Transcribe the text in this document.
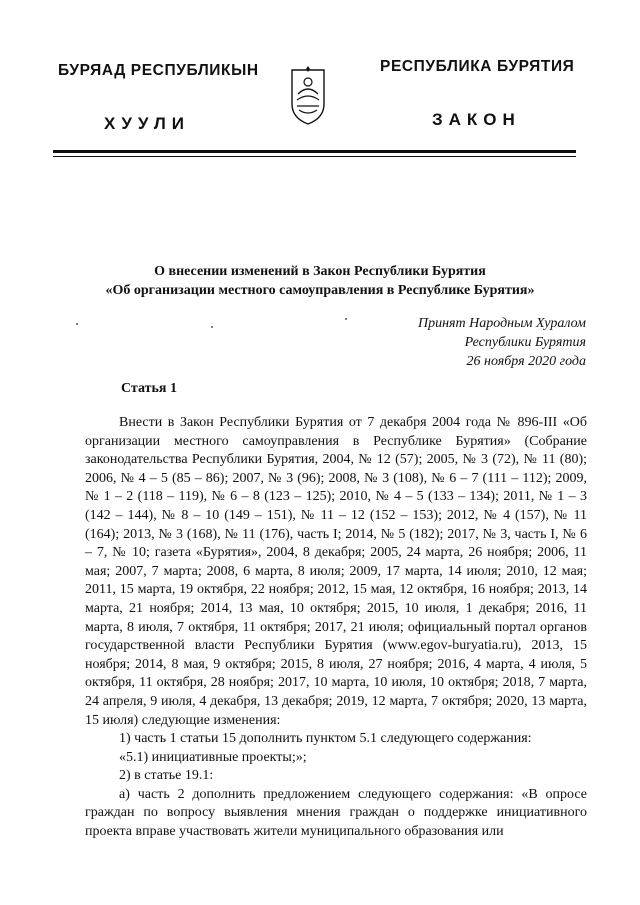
БУРЯАД РЕСПУБЛИКЫН
ХУУЛИ
РЕСПУБЛИКА БУРЯТИЯ
ЗАКОН
О внесении изменений в Закон Республики Бурятия
«Об организации местного самоуправления в Республике Бурятия»
Принят Народным Хуралом
Республики Бурятия
26 ноября 2020 года
Статья 1

Внести в Закон Республики Бурятия от 7 декабря 2004 года № 896-III «Об организации местного самоуправления в Республике Бурятия» (Собрание законодательства Республики Бурятия, 2004, № 12 (57); 2005, № 3 (72), № 11 (80); 2006, № 4 – 5 (85 – 86); 2007, № 3 (96); 2008, № 3 (108), № 6 – 7 (111 – 112); 2009, № 1 – 2 (118 – 119), № 6 – 8 (123 – 125); 2010, № 4 – 5 (133 – 134); 2011, № 1 – 3 (142 – 144), № 8 – 10 (149 – 151), № 11 – 12 (152 – 153); 2012, № 4 (157), № 11 (164); 2013, № 3 (168), № 11 (176), часть I; 2014, № 5 (182); 2017, № 3, часть I, № 6 – 7, № 10; газета «Бурятия», 2004, 8 декабря; 2005, 24 марта, 26 ноября; 2006, 11 мая; 2007, 7 марта; 2008, 6 марта, 8 июля; 2009, 17 марта, 14 июля; 2010, 12 мая; 2011, 15 марта, 19 октября, 22 ноября; 2012, 15 мая, 12 октября, 16 ноября; 2013, 14 марта, 21 ноября; 2014, 13 мая, 10 октября; 2015, 10 июля, 1 декабря; 2016, 11 марта, 8 июля, 7 октября, 11 октября; 2017, 21 июля; официальный портал органов государственной власти Республики Бурятия (www.egov-buryatia.ru), 2013, 15 ноября; 2014, 8 мая, 9 октября; 2015, 8 июля, 27 ноября; 2016, 4 марта, 4 июля, 5 октября, 11 октября, 28 ноября; 2017, 10 марта, 10 июля, 10 октября; 2018, 7 марта, 24 апреля, 9 июля, 4 декабря, 13 декабря; 2019, 12 марта, 7 октября; 2020, 13 марта, 15 июля) следующие изменения:

1) часть 1 статьи 15 дополнить пунктом 5.1 следующего содержания:

«5.1) инициативные проекты;»;

2) в статье 19.1:

а) часть 2 дополнить предложением следующего содержания: «В опросе граждан по вопросу выявления мнения граждан о поддержке инициативного проекта вправе участвовать жители муниципального образования или
